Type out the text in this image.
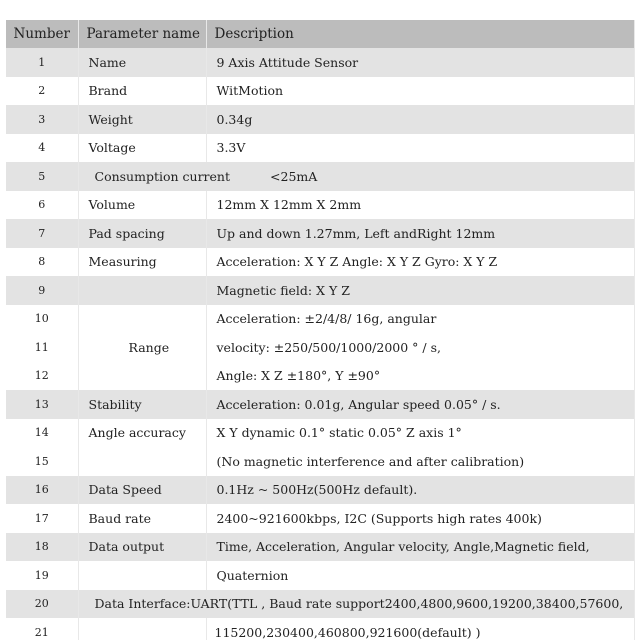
Number	Parameter name	Description
1	Name	9 Axis Attitude Sensor
2	Brand	WitMotion
3	Weight	0.34g
4	Voltage	3.3V
5	Consumption current <25mA	
6	Volume	12mm X 12mm X 2mm
7	Pad spacing	Up and down 1.27mm, Left andRight 12mm
8	Measuring	Acceleration: X Y Z Angle: X Y Z Gyro: X Y Z
9		Magnetic field: X Y Z
10		Acceleration: ±2/4/8/ 16g, angular
11	Range	velocity: ±250/500/1000/2000 ° / s,
12		Angle: X Z ±180°, Y ±90°
13	Stability	Acceleration: 0.01g, Angular speed 0.05° / s.
14	Angle accuracy	X Y dynamic 0.1° static 0.05° Z axis 1°
15		(No magnetic interference and after calibration)
16	Data Speed	0.1Hz ~ 500Hz(500Hz default).
17	Baud rate	2400~921600kbps, I2C (Supports high rates 400k)
18	Data output	Time, Acceleration, Angular velocity, Angle,Magnetic field,
19		Quaternion
20	Data Interface:UART(TTL , Baud rate support2400,4800,9600,19200,38400,57600,	
21		115200,230400,460800,921600(default) )
